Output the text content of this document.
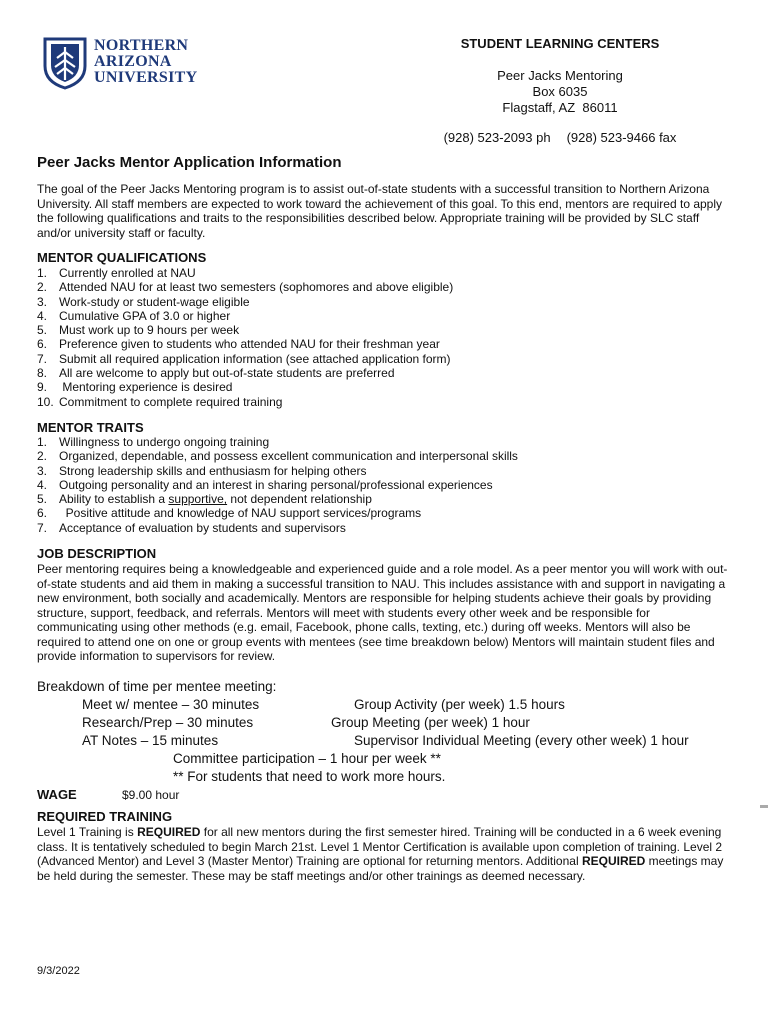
NORTHERN
ARIZONA
UNIVERSITY
STUDENT LEARNING CENTERS
Peer Jacks Mentoring
Box 6035
Flagstaff, AZ  86011
(928) 523-2093 ph (928) 523-9466 fax
Peer Jacks Mentor Application Information
The goal of the Peer Jacks Mentoring program is to assist out-of-state students with a successful transition to Northern Arizona University. All staff members are expected to work toward the achievement of this goal. To this end, mentors are required to apply the following qualifications and traits to the responsibilities described below. Appropriate training will be provided by SLC staff and/or university staff or faculty.
MENTOR QUALIFICATIONS
1. Currently enrolled at NAU
2. Attended NAU for at least two semesters (sophomores and above eligible)
3. Work-study or student-wage eligible
4. Cumulative GPA of 3.0 or higher
5. Must work up to 9 hours per week
6. Preference given to students who attended NAU for their freshman year
7. Submit all required application information (see attached application form)
8. All are welcome to apply but out-of-state students are preferred
9. Mentoring experience is desired
10. Commitment to complete required training
MENTOR TRAITS
1. Willingness to undergo ongoing training
2. Organized, dependable, and possess excellent communication and interpersonal skills
3. Strong leadership skills and enthusiasm for helping others
4. Outgoing personality and an interest in sharing personal/professional experiences
5. Ability to establish a supportive, not dependent relationship
6. Positive attitude and knowledge of NAU support services/programs
7. Acceptance of evaluation by students and supervisors
JOB DESCRIPTION
Peer mentoring requires being a knowledgeable and experienced guide and a role model. As a peer mentor you will work with out-of-state students and aid them in making a successful transition to NAU. This includes assistance with and support in navigating a new environment, both socially and academically. Mentors are responsible for helping students achieve their goals by providing structure, support, feedback, and referrals. Mentors will meet with students every other week and be responsible for communicating using other methods (e.g. email, Facebook, phone calls, texting, etc.) during off weeks. Mentors will also be required to attend one on one or group events with mentees (see time breakdown below) Mentors will maintain student files and provide information to supervisors for review.
Breakdown of time per mentee meeting:
Meet w/ mentee – 30 minutes	Group Activity (per week) 1.5 hours
Research/Prep – 30 minutes	Group Meeting (per week) 1 hour
AT Notes – 15 minutes	Supervisor Individual Meeting (every other week) 1 hour
Committee participation – 1 hour per week **
** For students that need to work more hours.
WAGE	$9.00 hour
REQUIRED TRAINING
Level 1 Training is REQUIRED for all new mentors during the first semester hired. Training will be conducted in a 6 week evening class. It is tentatively scheduled to begin March 21st. Level 1 Mentor Certification is available upon completion of training. Level 2 (Advanced Mentor) and Level 3 (Master Mentor) Training are optional for returning mentors. Additional REQUIRED meetings may be held during the semester. These may be staff meetings and/or other trainings as deemed necessary.
9/3/2022
